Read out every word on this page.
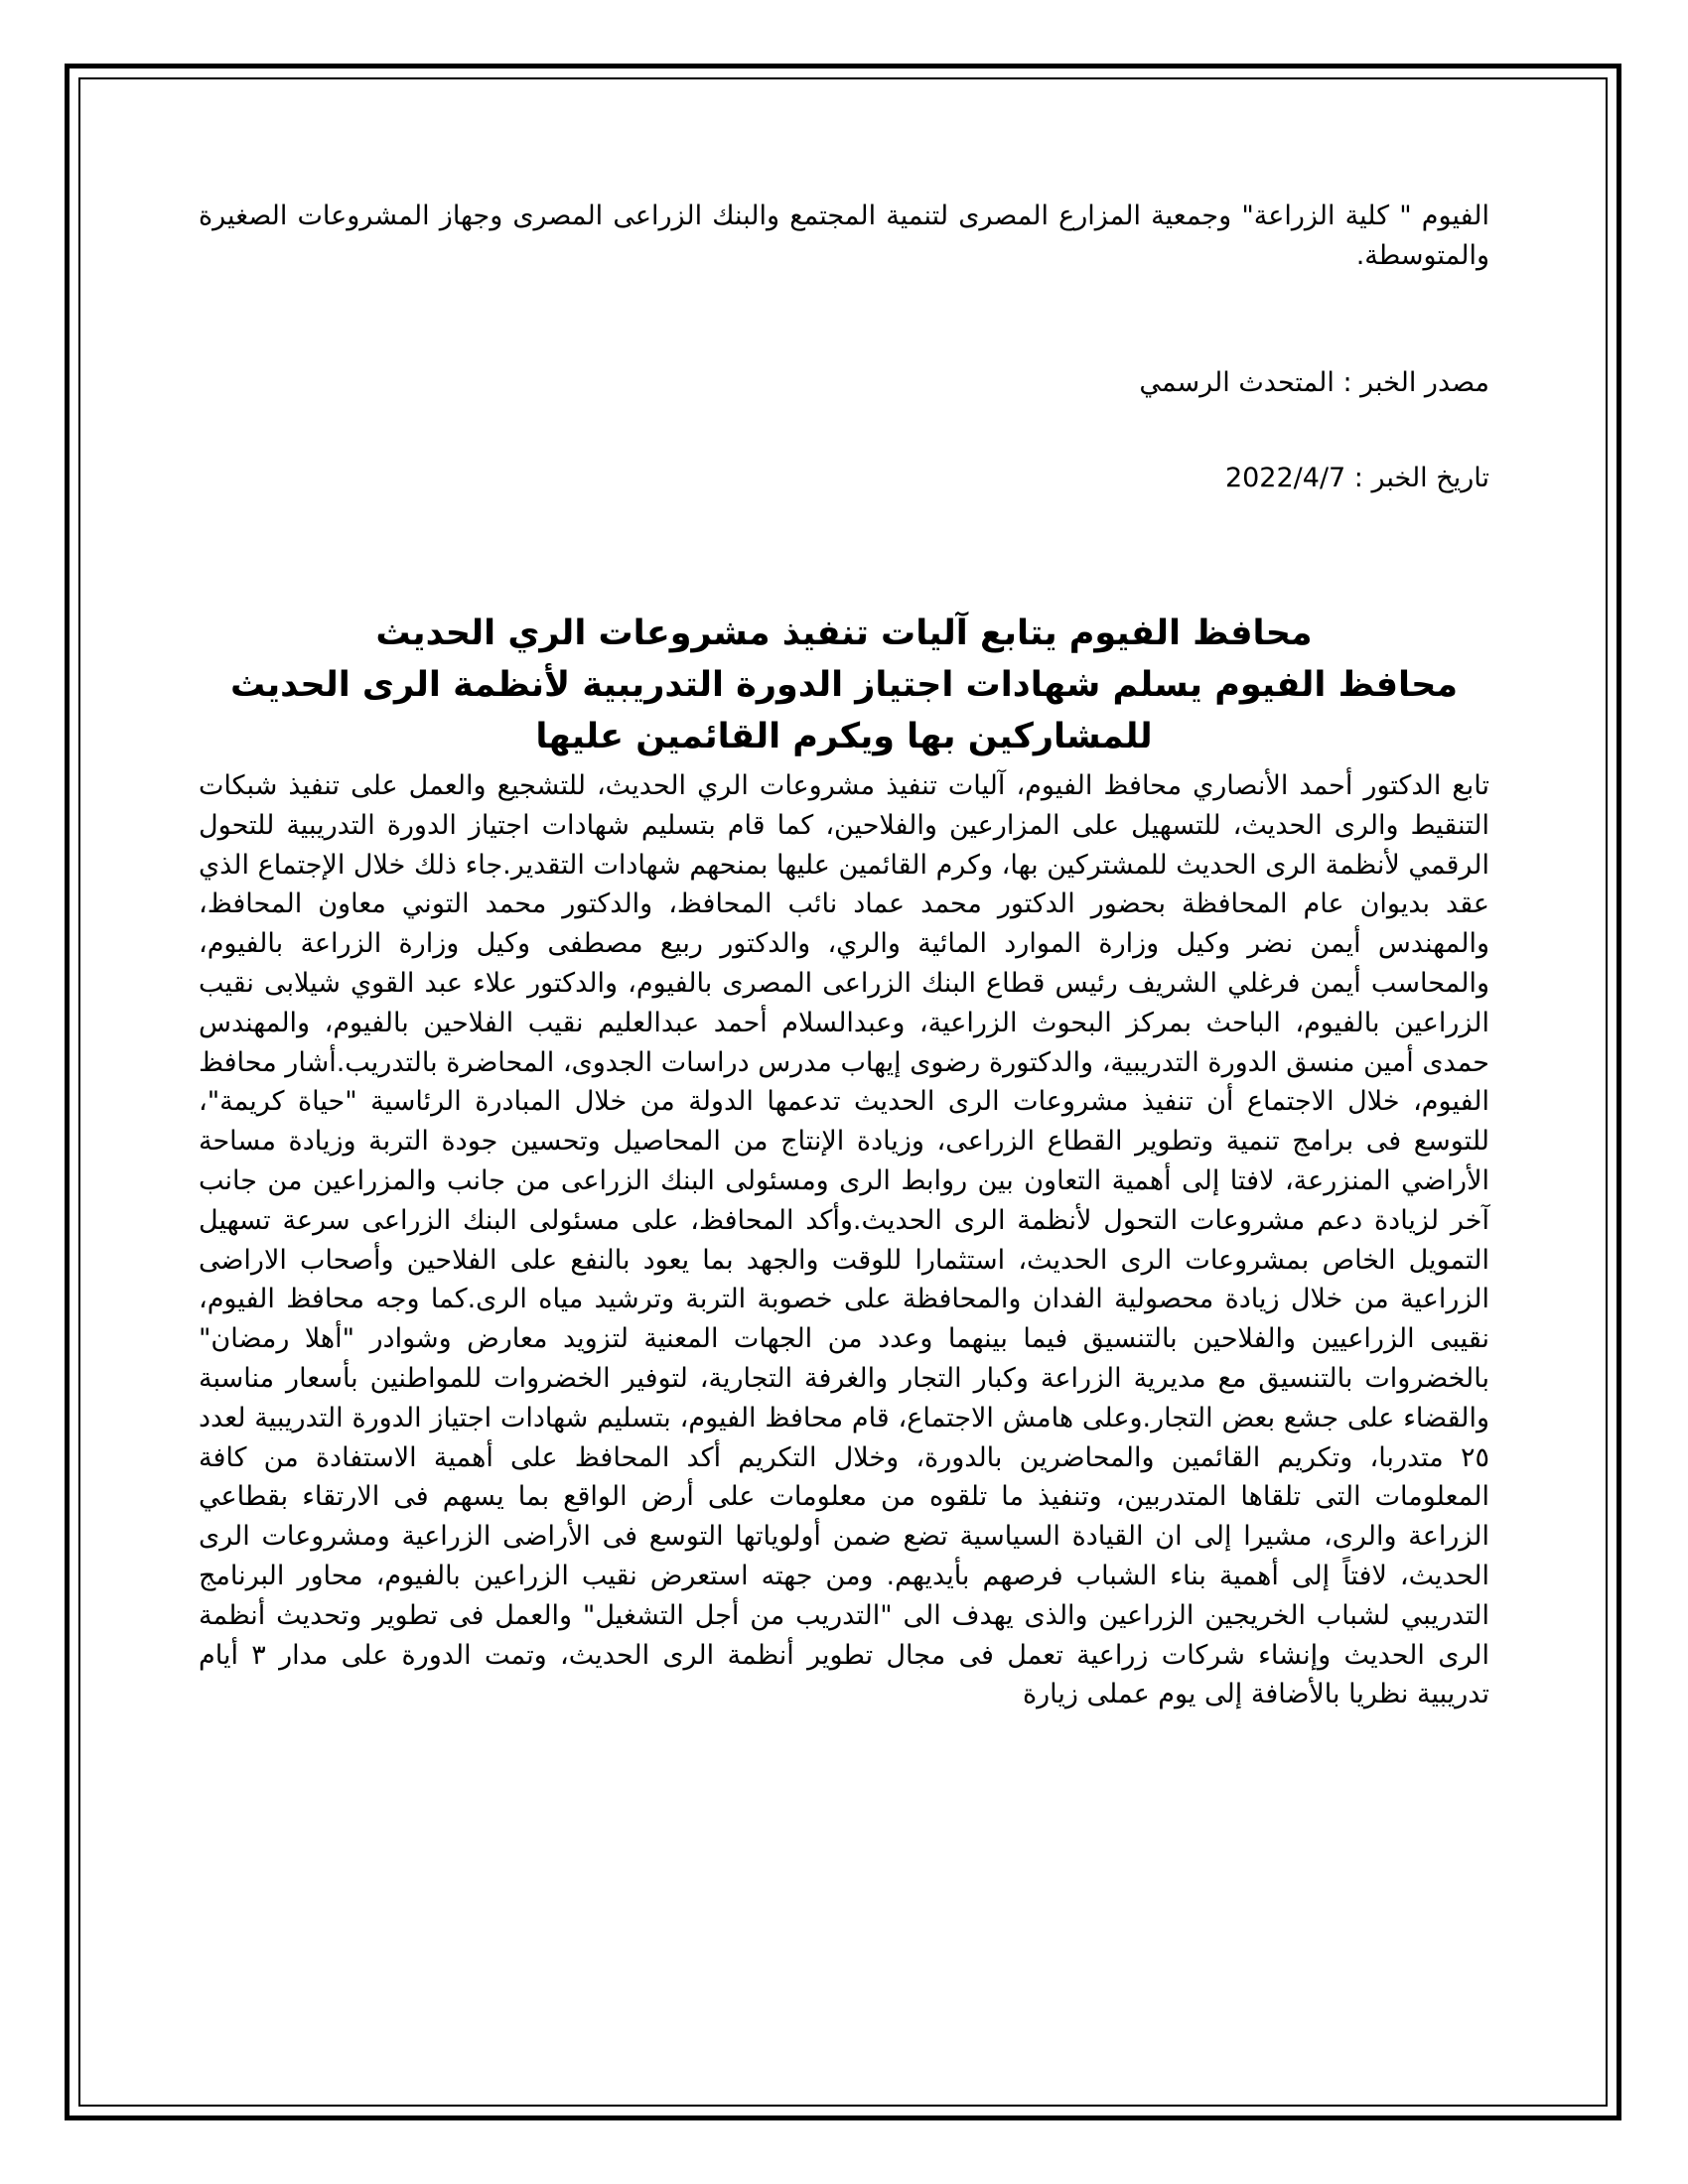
الفيوم " كلية الزراعة" وجمعية المزارع المصرى لتنمية المجتمع والبنك الزراعى المصرى وجهاز المشروعات الصغيرة والمتوسطة.

مصدر الخبر : المتحدث الرسمي

تاريخ الخبر : 2022/4/7

محافظ الفيوم يتابع آليات تنفيذ مشروعات الري الحديث
محافظ الفيوم يسلم شهادات اجتياز الدورة التدريبية لأنظمة الرى الحديث
للمشاركين بها ويكرم القائمين عليها

تابع الدكتور أحمد الأنصاري محافظ الفيوم، آليات تنفيذ مشروعات الري الحديث، للتشجيع والعمل على تنفيذ شبكات التنقيط والرى الحديث، للتسهيل على المزارعين والفلاحين، كما قام بتسليم شهادات اجتياز الدورة التدريبية للتحول الرقمي لأنظمة الرى الحديث للمشتركين بها، وكرم القائمين عليها بمنحهم شهادات التقدير.جاء ذلك خلال الإجتماع الذي عقد بديوان عام المحافظة بحضور الدكتور محمد عماد نائب المحافظ، والدكتور محمد التوني معاون المحافظ، والمهندس أيمن نضر وكيل وزارة الموارد المائية والري، والدكتور ربيع مصطفى وكيل وزارة الزراعة بالفيوم، والمحاسب أيمن فرغلي الشريف رئيس قطاع البنك الزراعى المصرى بالفيوم، والدكتور علاء عبد القوي شيلابى نقيب الزراعين بالفيوم، الباحث بمركز البحوث الزراعية، وعبدالسلام أحمد عبدالعليم نقيب الفلاحين بالفيوم، والمهندس حمدى أمين منسق الدورة التدريبية، والدكتورة رضوى إيهاب مدرس دراسات الجدوى، المحاضرة بالتدريب.أشار محافظ الفيوم، خلال الاجتماع أن تنفيذ مشروعات الرى الحديث تدعمها الدولة من خلال المبادرة الرئاسية "حياة كريمة"، للتوسع فى برامج تنمية وتطوير القطاع الزراعى، وزيادة الإنتاج من المحاصيل وتحسين جودة التربة وزيادة مساحة الأراضي المنزرعة، لافتا إلى أهمية التعاون بين روابط الرى ومسئولى البنك الزراعى من جانب والمزراعين من جانب آخر لزيادة دعم مشروعات التحول لأنظمة الرى الحديث.وأكد المحافظ، على مسئولى البنك الزراعى سرعة تسهيل التمويل الخاص بمشروعات الرى الحديث، استثمارا للوقت والجهد بما يعود بالنفع على الفلاحين وأصحاب الاراضى الزراعية من خلال زيادة محصولية الفدان والمحافظة على خصوبة التربة وترشيد مياه الرى.كما وجه محافظ الفيوم، نقيبى الزراعيين والفلاحين بالتنسيق فيما بينهما وعدد من الجهات المعنية لتزويد معارض وشوادر "أهلا رمضان" بالخضروات بالتنسيق مع مديرية الزراعة وكبار التجار والغرفة التجارية، لتوفير الخضروات للمواطنين بأسعار مناسبة والقضاء على جشع بعض التجار.وعلى هامش الاجتماع، قام محافظ الفيوم، بتسليم شهادات اجتياز الدورة التدريبية لعدد ٢٥ متدربا، وتكريم القائمين والمحاضرين بالدورة، وخلال التكريم أكد المحافظ على أهمية الاستفادة من كافة المعلومات التى تلقاها المتدربين، وتنفيذ ما تلقوه من معلومات على أرض الواقع بما يسهم فى الارتقاء بقطاعي الزراعة والرى، مشيرا إلى ان القيادة السياسية تضع ضمن أولوياتها التوسع فى الأراضى الزراعية ومشروعات الرى الحديث، لافتاً إلى أهمية بناء الشباب فرصهم بأيديهم. ومن جهته استعرض نقيب الزراعين بالفيوم، محاور البرنامج التدريبي لشباب الخريجين الزراعين والذى يهدف الى "التدريب من أجل التشغيل" والعمل فى تطوير وتحديث أنظمة الرى الحديث وإنشاء شركات زراعية تعمل فى مجال تطوير أنظمة الرى الحديث، وتمت الدورة على مدار ٣ أيام تدريبية نظريا بالأضافة إلى يوم عملى زيارة
